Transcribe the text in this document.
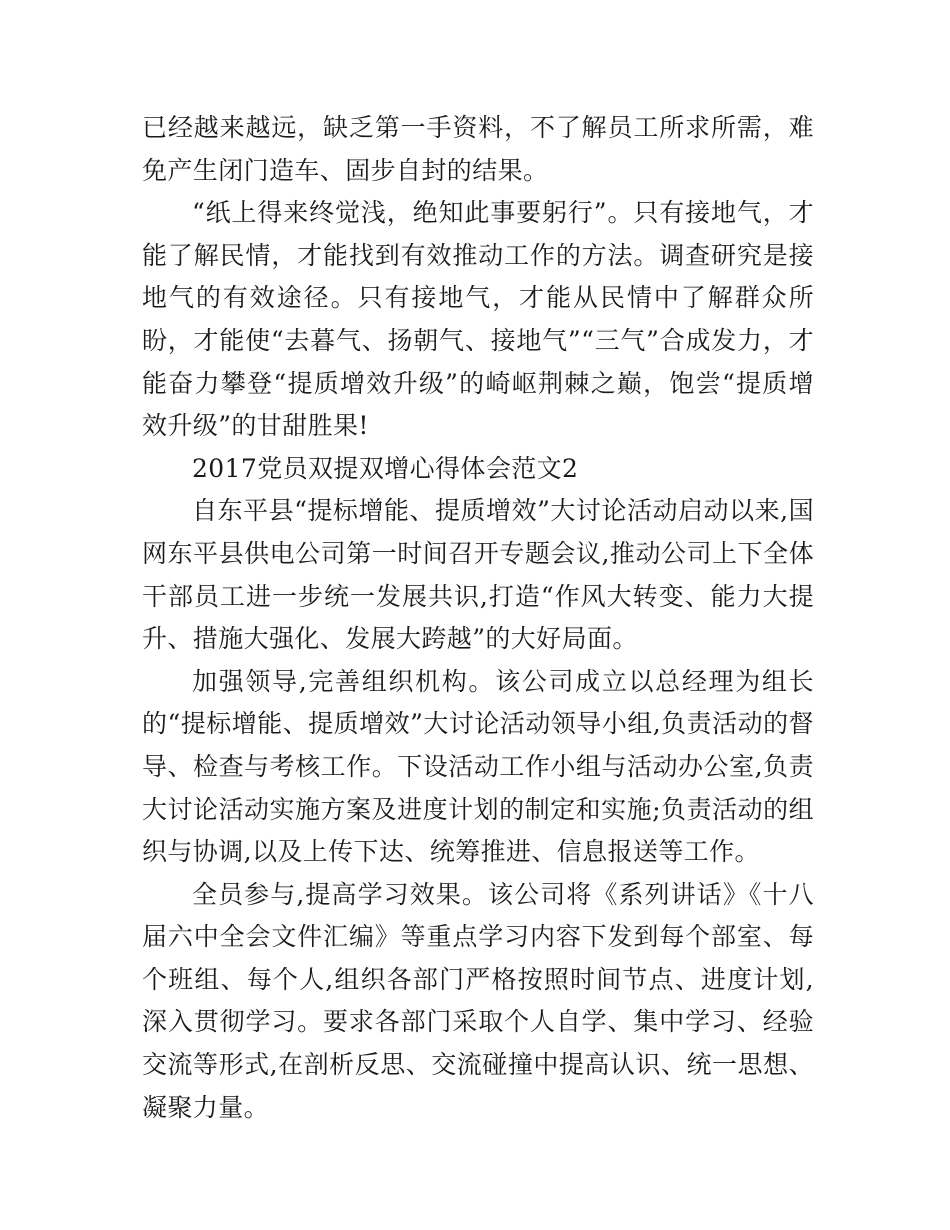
已经越来越远，缺乏第一手资料，不了解员工所求所需，难免产生闭门造车、固步自封的结果。

“纸上得来终觉浅，绝知此事要躬行”。只有接地气，才能了解民情，才能找到有效推动工作的方法。调查研究是接地气的有效途径。只有接地气，才能从民情中了解群众所盼，才能使“去暮气、扬朝气、接地气”“三气”合成发力，才能奋力攀登“提质增效升级”的崎岖荆棘之巅，饱尝“提质增效升级”的甘甜胜果!

2017党员双提双增心得体会范文2

自东平县“提标增能、提质增效”大讨论活动启动以来,国网东平县供电公司第一时间召开专题会议,推动公司上下全体干部员工进一步统一发展共识,打造“作风大转变、能力大提升、措施大强化、发展大跨越”的大好局面。

加强领导,完善组织机构。该公司成立以总经理为组长的“提标增能、提质增效”大讨论活动领导小组,负责活动的督导、检查与考核工作。下设活动工作小组与活动办公室,负责大讨论活动实施方案及进度计划的制定和实施;负责活动的组织与协调,以及上传下达、统筹推进、信息报送等工作。

全员参与,提高学习效果。该公司将《系列讲话》《十八届六中全会文件汇编》等重点学习内容下发到每个部室、每个班组、每个人,组织各部门严格按照时间节点、进度计划,深入贯彻学习。要求各部门采取个人自学、集中学习、经验交流等形式,在剖析反思、交流碰撞中提高认识、统一思想、凝聚力量。
